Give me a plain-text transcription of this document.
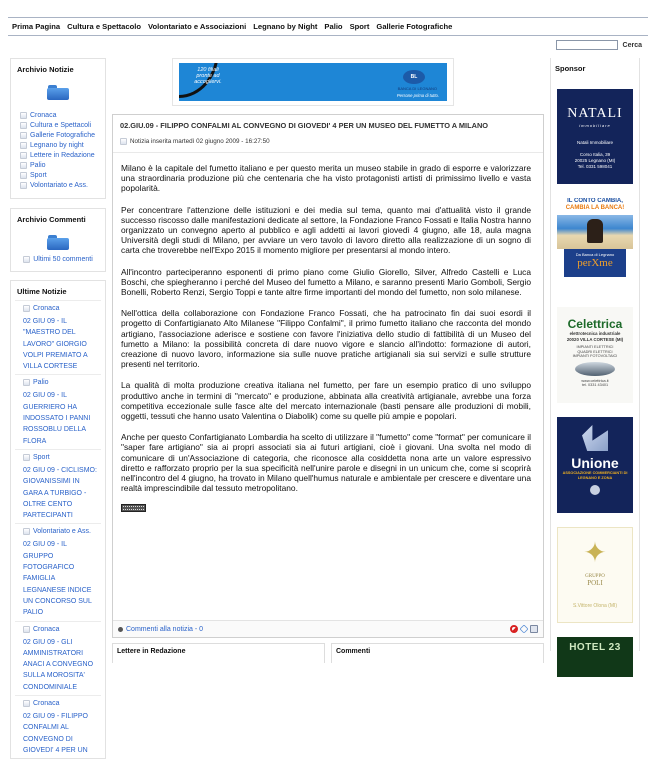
Prima Pagina Cultura e Spettacolo Volontariato e Associazioni Legnano by Night Palio Sport Gallerie Fotografiche
Cerca
Archivio Notizie
Cronaca
Cultura e Spettacoli
Gallerie Fotografiche
Legnano by night
Lettere in Redazione
Palio
Sport
Volontariato e Ass.
Archivio Commenti
Ultimi 50 commenti
Ultime Notizie
Cronaca
02 GIU 09 - IL "MAESTRO DEL LAVORO" GIORGIO VOLPI PREMIATO A VILLA CORTESE
Palio
02 GIU 09 - IL GUERRIERO HA INDOSSATO I PANNI ROSSOBLU DELLA FLORA
Sport
02 GIU 09 - CICLISMO: GIOVANISSIMI IN GARA A TURBIGO - OLTRE CENTO PARTECIPANTI
Volontariato e Ass.
02 GIU 09 - IL GRUPPO FOTOGRAFICO FAMIGLIA LEGNANESE INDICE UN CONCORSO SUL PALIO
Cronaca
02 GIU 09 - GLI AMMINISTRATORI ANACI A CONVEGNO SULLA MOROSITA' CONDOMINIALE
Cronaca
02 GIU 09 - FILIPPO CONFALMI AL CONVEGNO DI GIOVEDI' 4 PER UN
120 filiali pronte ad accogliervi.
BL
BANCA DI LEGNANO
Persone prima di tutto.
02.GIU.09 - FILIPPO CONFALMI AL CONVEGNO DI GIOVEDI' 4 PER UN MUSEO DEL FUMETTO A MILANO
Notizia inserita martedì 02 giugno 2009 - 16:27:50

Milano è la capitale del fumetto italiano e per questo merita un museo stabile in grado di esporre e valorizzare una straordinaria produzione più che centenaria che ha visto protagonisti artisti di primissimo livello e vasta popolarità.

Per concentrare l'attenzione delle istituzioni e dei media sul tema, quanto mai d'attualità visto il grande successo riscosso dalle manifestazioni dedicate al settore, la Fondazione Franco Fossati e Italia Nostra hanno organizzato un convegno aperto al pubblico e agli addetti ai lavori giovedì 4 giugno, alle 18, aula magna Università degli studi di Milano, per avviare un vero tavolo di lavoro diretto alla realizzazione di un sogno di carta che troverebbe nell'Expo 2015 il momento migliore per presentarsi al mondo intero.

All'incontro parteciperanno esponenti di primo piano come Giulio Giorello, Silver, Alfredo Castelli e Luca Boschi, che spiegheranno i perché del Museo del fumetto a Milano, e saranno presenti Mario Gomboli, Sergio Bonelli, Roberto Renzi, Sergio Toppi e tante altre firme importanti del mondo del fumetto, non solo milanese.

Nell'ottica della collaborazione con Fondazione Franco Fossati, che ha patrocinato fin dai suoi esordi il progetto di Confartigianato Alto Milanese "Filippo Confalmi", il primo fumetto italiano che racconta del mondo artigiano, l'associazione aderisce e sostiene con favore l'iniziativa dello studio di fattibilità di un Museo del fumetto a Milano: la possibilità concreta di dare nuovo vigore e slancio all'indotto: formazione di autori, creazione di nuovo lavoro, informazione sia sulle nuove pratiche artigianali sia sui servizi e sulle strutture presenti nel territorio.

La qualità di molta produzione creativa italiana nel fumetto, per fare un esempio pratico di uno sviluppo produttivo anche in termini di "mercato" e produzione, abbinata alla creatività artigianale, avrebbe una forza competitiva eccezionale sulle fasce alte del mercato internazionale (basti pensare alle produzioni di mobili, oggetti, tessuti che hanno usato Valentina o Diabolik) come su quelle più ampie e popolari.

Anche per questo Confartigianato Lombardia ha scelto di utilizzare il "fumetto" come "format" per comunicare il "saper fare artigiano" sia ai propri associati sia ai futuri artigiani, cioè i giovani. Una svolta nel modo di comunicare di un'Associazione di categoria, che riconosce alla cosiddetta nona arte un valore espressivo diretto e rafforzato proprio per la sua specificità nell'unire parole e disegni in un unicum che, come si scoprirà nell'incontro del 4 giugno, ha trovato in Milano quell'humus naturale e ambientale per crescere e diventare una realtà imprescindibile dal tessuto metropolitano.

Commenti alla notizia - 0
Lettere in Redazione	Commenti
Sponsor
NATALI
immobiliare
Natali Immobiliare
Corso Italia, 39
20025 Legnano (MI)
Tel. 0331 598041
IL CONTO CAMBIA,
CAMBIA LA BANCA!
Da Banca di Legnano
perXme
Celettrica
elettrotecnica industriale
20020 VILLA CORTESE (MI)
IMPIANTI ELETTRICI
QUADRI ELETTRICI
IMPIANTI FOTOVOLTAICI
www.celettrica.it
tel. 0331 43401
Unione
ASSOCIAZIONE COMMERCIANTI DI LEGNANO E ZONA
✦
GRUPPO
POLI
S.Vittore Olona (MI)
HOTEL 23
